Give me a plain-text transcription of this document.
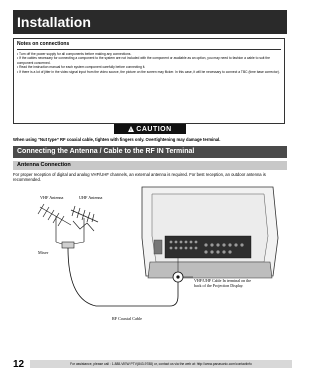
Installation
Notes on connections
• Turn off the power supply for all components before making any connections.
• If the cables necessary for connecting a component to the system are not included with the component or available as an option, you may need to fashion a cable to suit the component concerned.
• Read the instruction manual for each system component carefully before connecting it.
• If there is a lot of jitter in the video signal input from the video source, the picture on the screen may flicker. In this case, it will be necessary to connect a TBC (time base corrector).
! CAUTION
When using “Nut type” RF coaxial cable, tighten with fingers only. Overtightening may damage terminal.
Connecting the Antenna / Cable to the RF IN Terminal
Antenna Connection
For proper reception of digital and analog VHF/UHF channels, an external antenna is required. For best reception, an outdoor antenna is recommended.
VHF/UHF Cable In terminal on the
back of the Projection Display.
VHF Antenna	UHF Antenna
Mixer
RF Coaxial Cable
12	For assistance, please call : 1-888-VIEW PTV(843-9788) or, contact us via the web at: http://www.panasonic.com/contactinfo
